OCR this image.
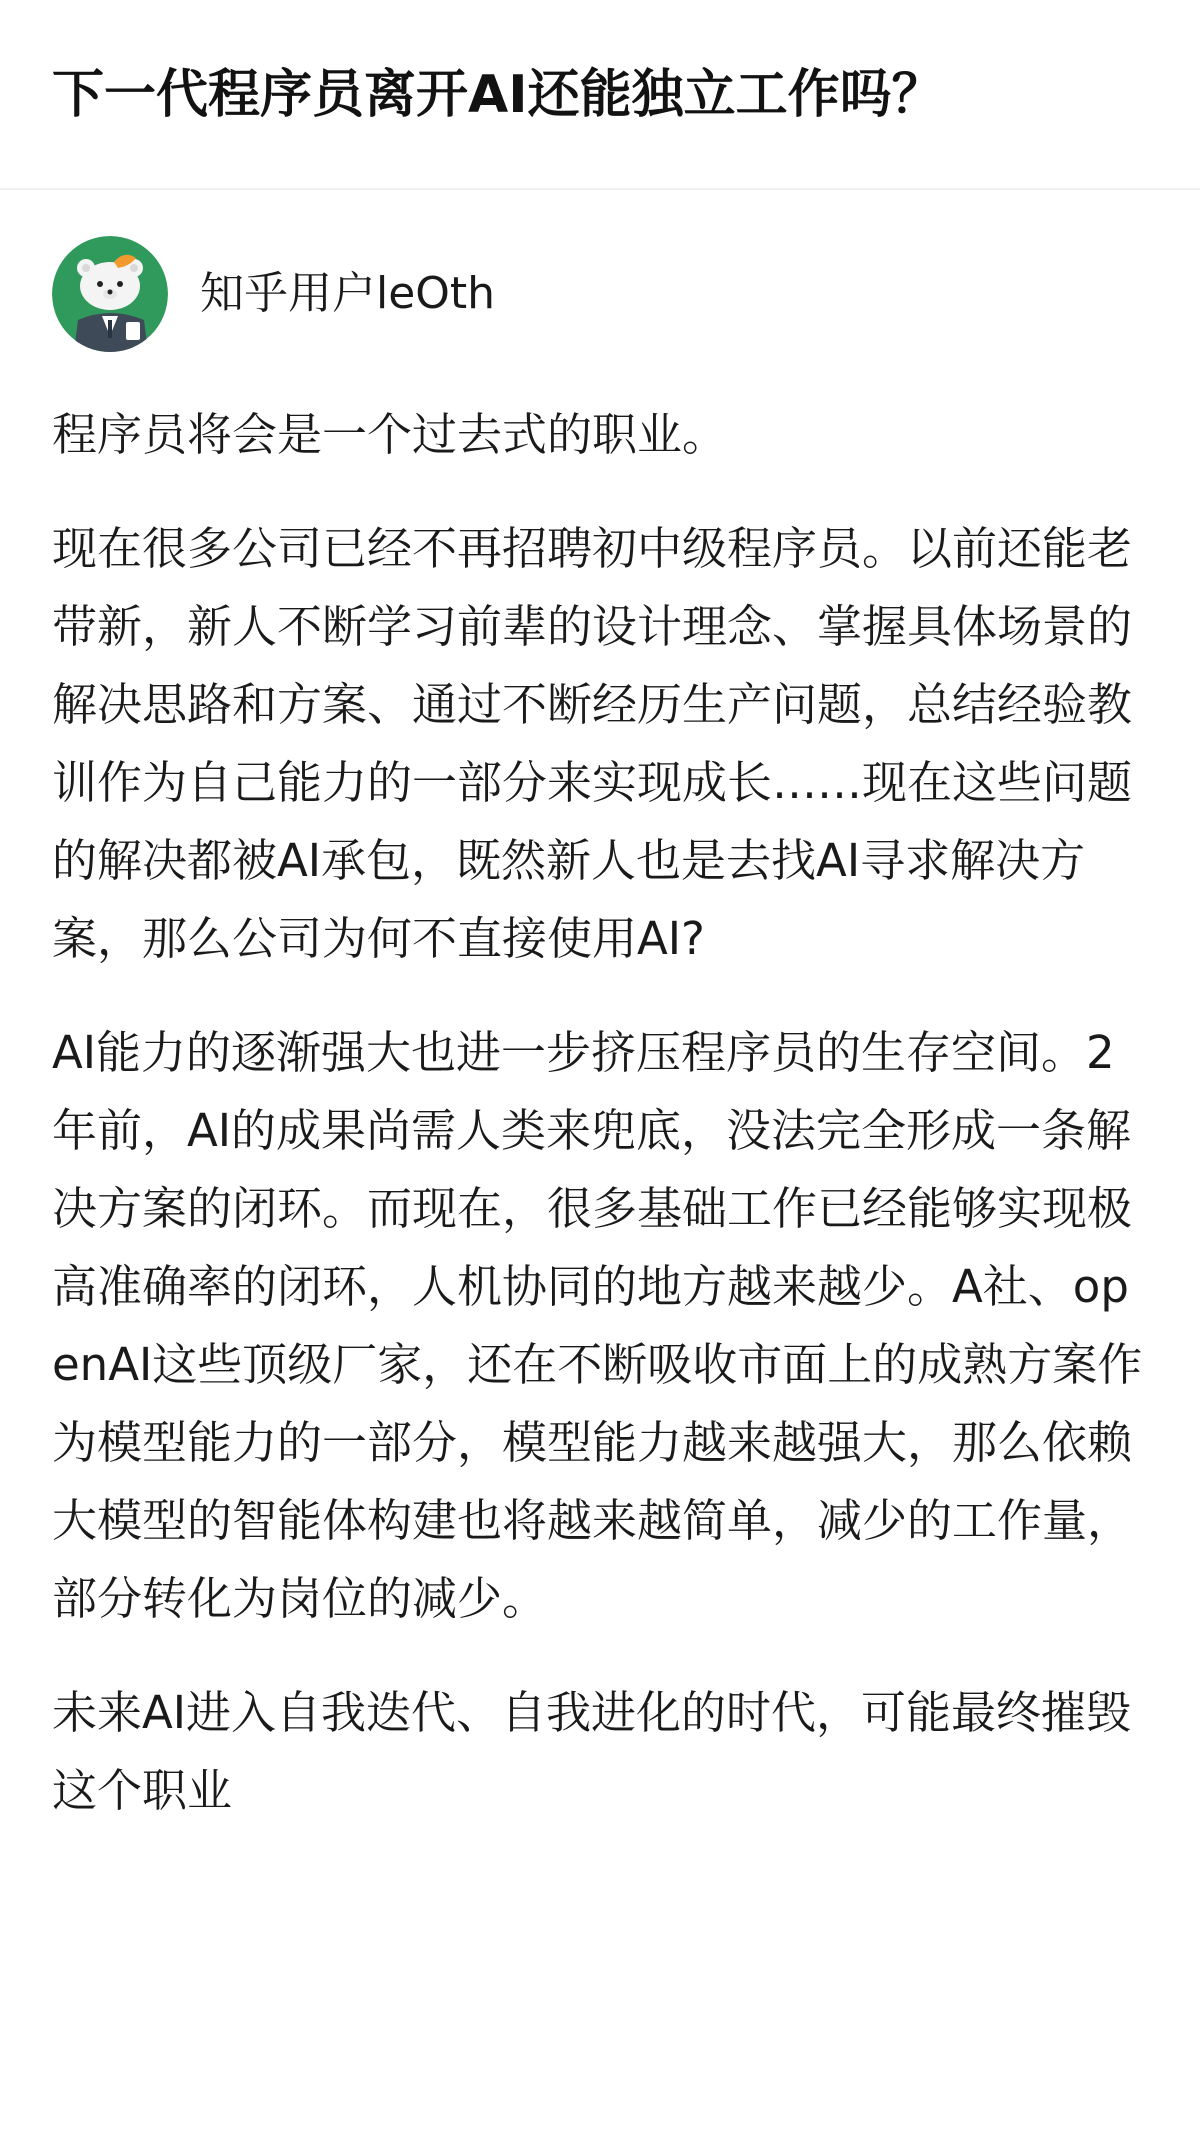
下一代程序员离开AI还能独立工作吗？
知乎用户leOth

程序员将会是一个过去式的职业。

现在很多公司已经不再招聘初中级程序员。以前还能老带新，新人不断学习前辈的设计理念、掌握具体场景的解决思路和方案、通过不断经历生产问题，总结经验教训作为自己能力的一部分来实现成长……现在这些问题的解决都被AI承包，既然新人也是去找AI寻求解决方案，那么公司为何不直接使用AI?

AI能力的逐渐强大也进一步挤压程序员的生存空间。2年前，AI的成果尚需人类来兜底，没法完全形成一条解决方案的闭环。而现在，很多基础工作已经能够实现极高准确率的闭环，人机协同的地方越来越少。A社、openAI这些顶级厂家，还在不断吸收市面上的成熟方案作为模型能力的一部分，模型能力越来越强大，那么依赖大模型的智能体构建也将越来越简单，减少的工作量，部分转化为岗位的减少。

未来AI进入自我迭代、自我进化的时代，可能最终摧毁这个职业
